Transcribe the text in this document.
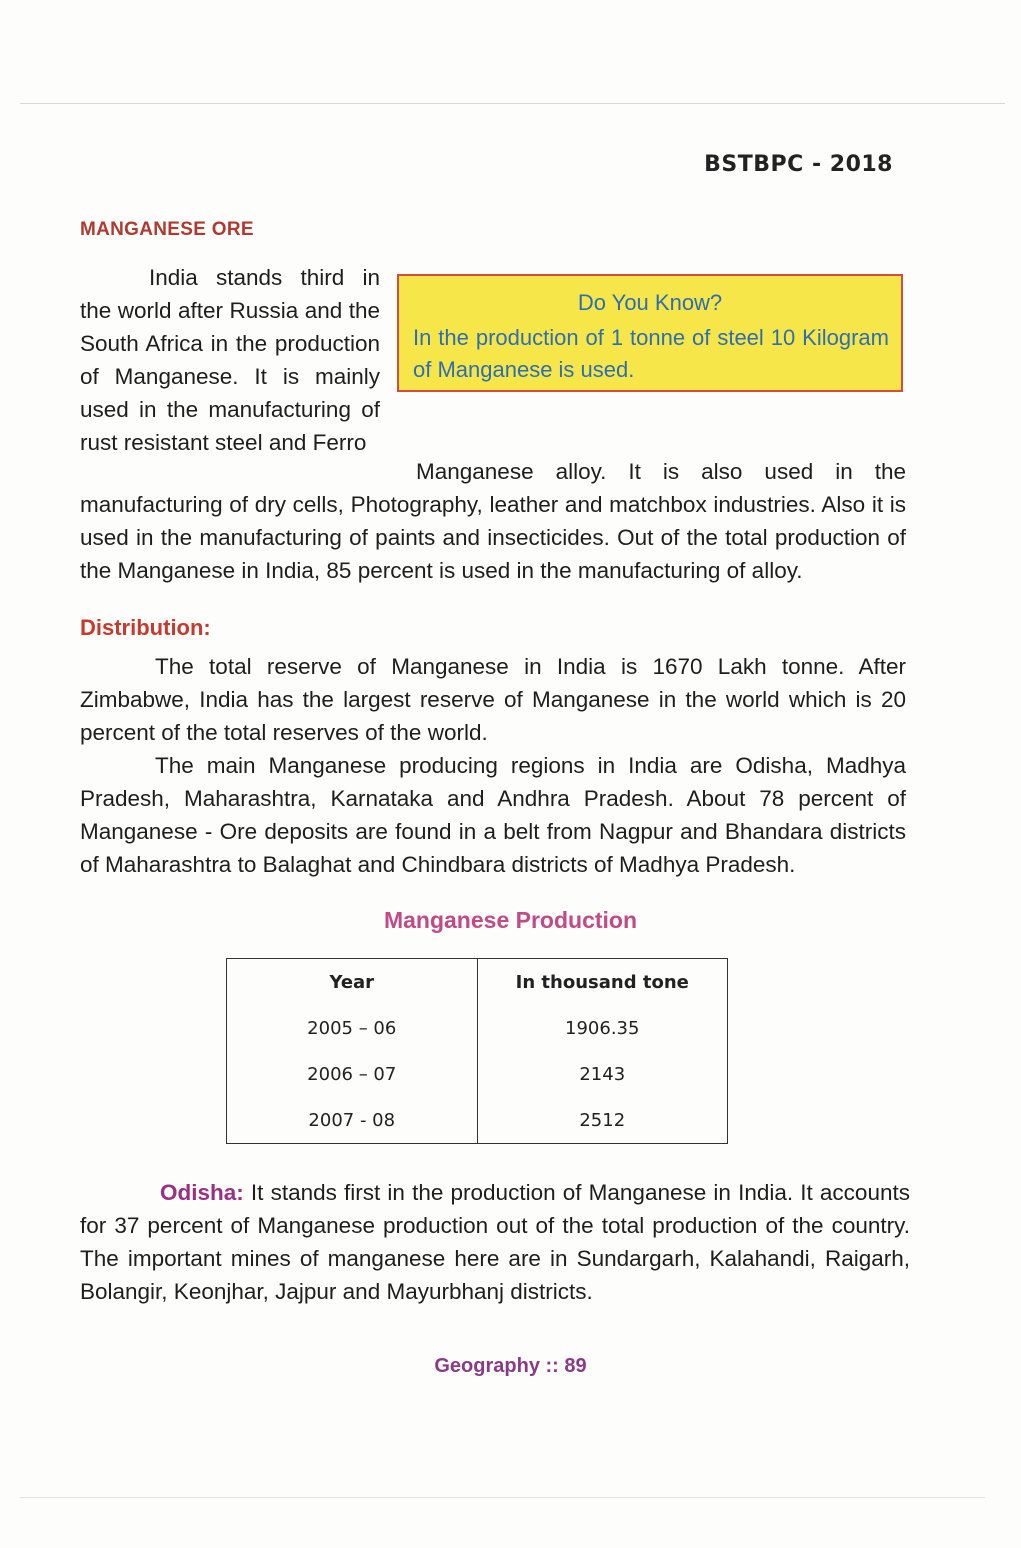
BSTBPC - 2018
MANGANESE ORE
India stands third in the world after Russia and the South Africa in the production of Manganese. It is mainly used in the manufacturing of rust resistant steel and Ferro
Do You Know?
In the production of 1 tonne of steel 10 Kilogram of Manganese is used.
Manganese alloy. It is also used in the manufacturing of dry cells, Photography, leather and matchbox industries. Also it is used in the manufacturing of paints and insecticides. Out of the total production of the Manganese in India, 85 percent is used in the manufacturing of alloy.
Distribution:

The total reserve of Manganese in India is 1670 Lakh tonne. After Zimbabwe, India has the largest reserve of Manganese in the world which is 20 percent of the total reserves of the world.

The main Manganese producing regions in India are Odisha, Madhya Pradesh, Maharashtra, Karnataka and Andhra Pradesh. About 78 percent of Manganese - Ore deposits are found in a belt from Nagpur and Bhandara districts of Maharashtra to Balaghat and Chindbara districts of Madhya Pradesh.

Manganese Production
Year	In thousand tone
2005 – 06	1906.35
2006 – 07	2143
2007 - 08	2512

Odisha: It stands first in the production of Manganese in India. It accounts for 37 percent of Manganese production out of the total production of the country. The important mines of manganese here are in Sundargarh, Kalahandi, Raigarh, Bolangir, Keonjhar, Jajpur and Mayurbhanj districts.

Geography :: 89
